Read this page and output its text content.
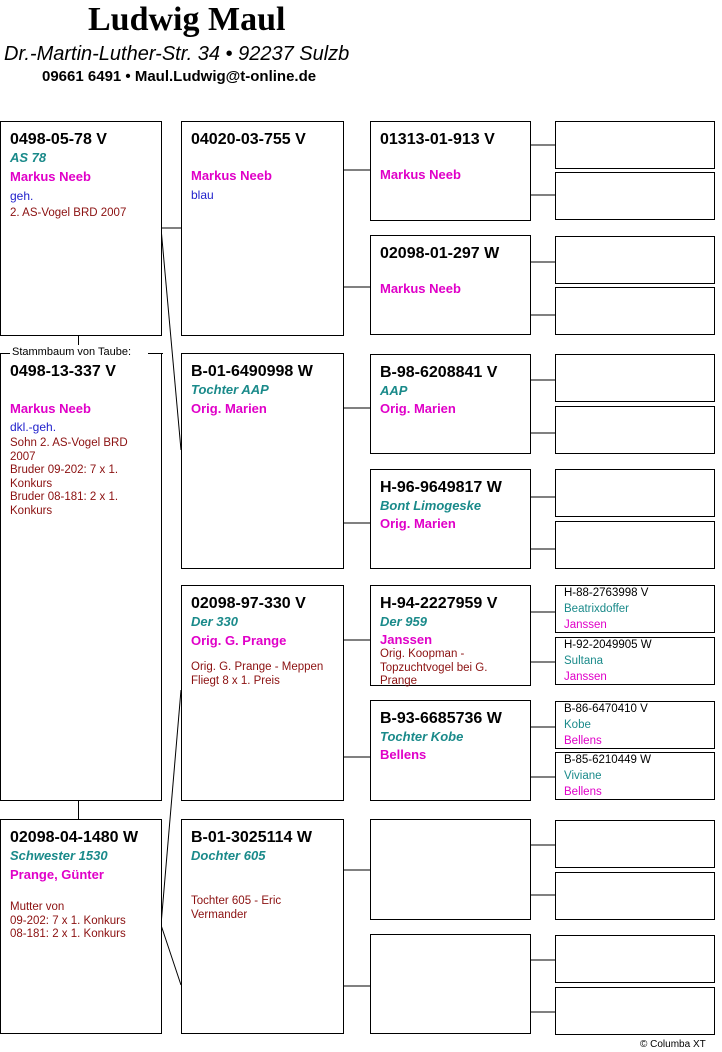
Ludwig Maul
Dr.-Martin-Luther-Str. 34 • 92237 Sulzb
09661 6491 • Maul.Ludwig@t-online.de
0498-05-78 V
AS 78
Markus Neeb
geh.
2. AS-Vogel BRD 2007
Stammbaum von Taube:
0498-13-337 V
Markus Neeb
dkl.-geh.
Sohn 2. AS-Vogel BRD 2007
Bruder 09-202: 7 x 1. Konkurs
Bruder 08-181: 2 x 1. Konkurs
02098-04-1480 W
Schwester 1530
Prange, Günter
Mutter von
09-202: 7 x 1. Konkurs
08-181: 2 x 1. Konkurs
04020-03-755 V
Markus Neeb
blau
B-01-6490998 W
Tochter AAP
Orig. Marien
02098-97-330 V
Der 330
Orig. G. Prange
Orig. G. Prange - Meppen
Fliegt 8 x 1. Preis
B-01-3025114 W
Dochter 605
Tochter 605 - Eric Vermander
01313-01-913 V
Markus Neeb
02098-01-297 W
Markus Neeb
B-98-6208841 V
AAP
Orig. Marien
H-96-9649817 W
Bont Limogeske
Orig. Marien
H-94-2227959 V
Der 959
Janssen
Orig. Koopman - Topzuchtvogel bei G. Prange
B-93-6685736 W
Tochter Kobe
Bellens
H-88-2763998 V
Beatrixdoffer
Janssen
H-92-2049905 W
Sultana
Janssen
B-86-6470410 V
Kobe
Bellens
B-85-6210449 W
Viviane
Bellens
© Columba XT
